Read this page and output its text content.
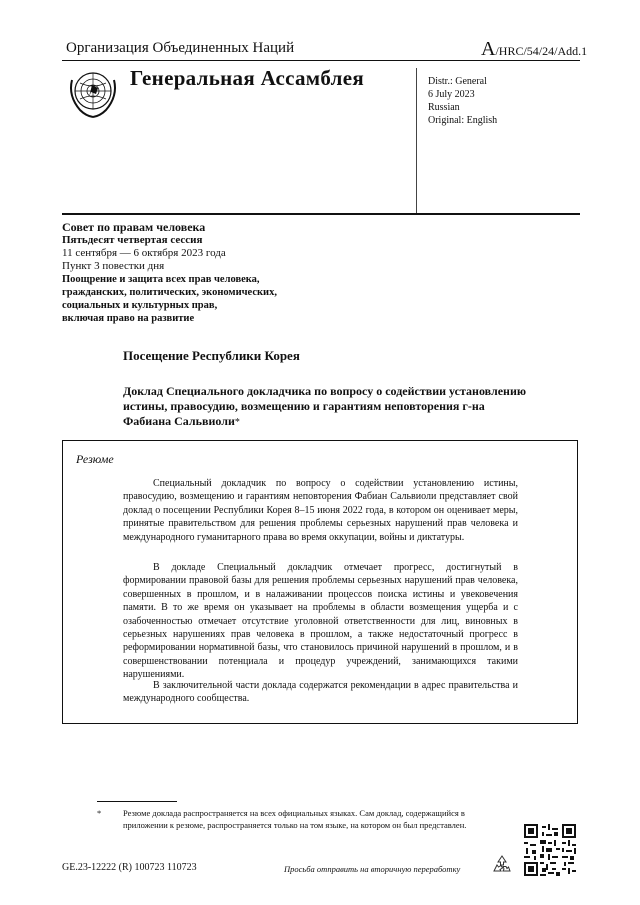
Организация Объединенных Наций	A/HRC/54/24/Add.1
Генеральная Ассамблея	Distr.: General
6 July 2023
Russian
Original: English
Совет по правам человека
Пятьдесят четвертая сессия
11 сентября — 6 октября 2023 года
Пункт 3 повестки дня
Поощрение и защита всех прав человека,
гражданских, политических, экономических,
социальных и культурных прав,
включая право на развитие
Посещение Республики Корея
Доклад Специального докладчика по вопросу о содействии установлению истины, правосудию, возмещению и гарантиям неповторения г-на Фабиана Сальвиоли*
Резюме
Специальный докладчик по вопросу о содействии установлению истины, правосудию, возмещению и гарантиям неповторения Фабиан Сальвиоли представляет свой доклад о посещении Республики Корея 8–15 июня 2022 года, в котором он оценивает меры, принятые правительством для решения проблемы серьезных нарушений прав человека и международного гуманитарного права во время оккупации, войны и диктатуры.
В докладе Специальный докладчик отмечает прогресс, достигнутый в формировании правовой базы для решения проблемы серьезных нарушений прав человека, совершенных в прошлом, и в налаживании процессов поиска истины и увековечения памяти. В то же время он указывает на проблемы в области возмещения ущерба и с озабоченностью отмечает отсутствие уголовной ответственности для лиц, виновных в серьезных нарушениях прав человека в прошлом, а также недостаточный прогресс в реформировании нормативной базы, что становилось причиной нарушений в прошлом, и в совершенствовании потенциала и процедур учреждений, занимающихся такими нарушениями.
В заключительной части доклада содержатся рекомендации в адрес правительства и международного сообщества.
*	Резюме доклада распространяется на всех официальных языках. Сам доклад, содержащийся в приложении к резюме, распространяется только на том языке, на котором он был представлен.
GE.23-12222 (R) 100723 110723	Просьба отправить на вторичную переработку
